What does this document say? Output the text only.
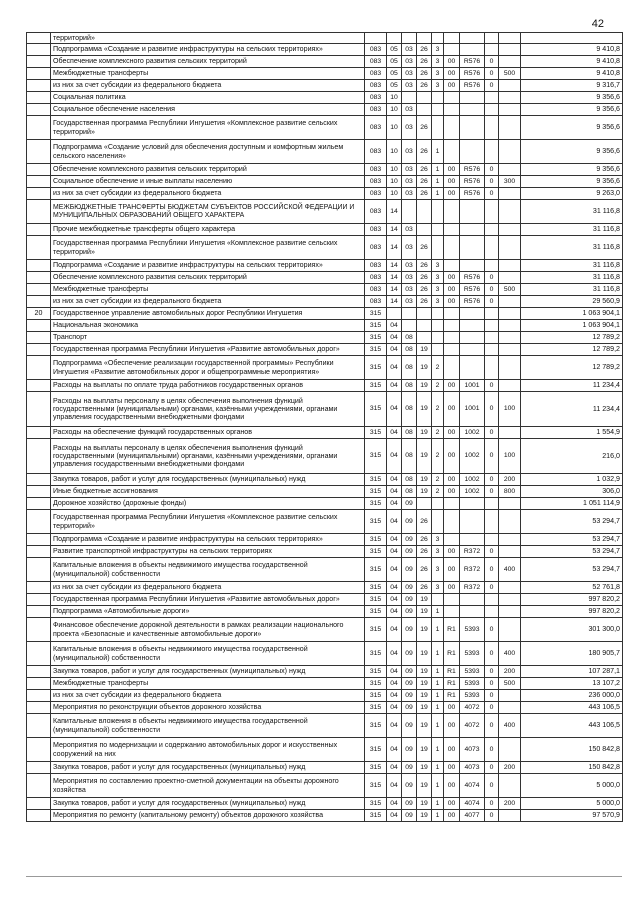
42
	территорий»										
	Подпрограмма «Создание и развитие инфраструктуры на сельских территориях»	083	05	03	26	3					9 410,8
	Обеспечение комплексного развития сельских территорий	083	05	03	26	3	00	R576	0		9 410,8
	Межбюджетные трансферты	083	05	03	26	3	00	R576	0	500	9 410,8
	из них за счет субсидии из федерального бюджета	083	05	03	26	3	00	R576	0		9 316,7
	Социальная политика	083	10								9 356,6
	Социальное обеспечение населения	083	10	03							9 356,6
	Государственная программа Республики Ингушетия «Комплексное развитие сельских территорий»	083	10	03	26						9 356,6
	Подпрограмма «Создание условий для обеспечения доступным и комфортным жильем сельского населения»	083	10	03	26	1					9 356,6
	Обеспечение комплексного развития сельских территорий	083	10	03	26	1	00	R576	0		9 356,6
	Социальное обеспечение и иные выплаты населению	083	10	03	26	1	00	R576	0	300	9 356,6
	из них за счет субсидии из федерального бюджета	083	10	03	26	1	00	R576	0		9 263,0
	МЕЖБЮДЖЕТНЫЕ ТРАНСФЕРТЫ БЮДЖЕТАМ СУБЪЕКТОВ РОССИЙСКОЙ ФЕДЕРАЦИИ И МУНИЦИПАЛЬНЫХ ОБРАЗОВАНИЙ ОБЩЕГО ХАРАКТЕРА	083	14								31 116,8
	Прочие межбюджетные трансферты общего характера	083	14	03							31 116,8
	Государственная программа Республики Ингушетия «Комплексное развитие сельских территорий»	083	14	03	26						31 116,8
	Подпрограмма «Создание и развитие инфраструктуры на сельских территориях»	083	14	03	26	3					31 116,8
	Обеспечение комплексного развития сельских территорий	083	14	03	26	3	00	R576	0		31 116,8
	Межбюджетные трансферты	083	14	03	26	3	00	R576	0	500	31 116,8
	из них за счет субсидии из федерального бюджета	083	14	03	26	3	00	R576	0		29 560,9
20	Государственное управление автомобильных дорог Республики Ингушетия	315									1 063 904,1
	Национальная экономика	315	04								1 063 904,1
	Транспорт	315	04	08							12 789,2
	Государственная программа Республики Ингушетия «Развитие автомобильных дорог»	315	04	08	19						12 789,2
	Подпрограмма «Обеспечение реализации государственной программы» Республики Ингушетия «Развитие автомобильных дорог и общепрограммные мероприятия»	315	04	08	19	2					12 789,2
	Расходы на выплаты по оплате труда работников государственных органов	315	04	08	19	2	00	1001	0		11 234,4
	Расходы на выплаты персоналу в целях обеспечения выполнения функций государственными (муниципальными) органами, казёнными учреждениями, органами управления государственными внебюджетными фондами	315	04	08	19	2	00	1001	0	100	11 234,4
	Расходы на обеспечение функций государственных органов	315	04	08	19	2	00	1002	0		1 554,9
	Расходы на выплаты персоналу в целях обеспечения выполнения функций государственными (муниципальными) органами, казёнными учреждениями, органами управления государственными внебюджетными фондами	315	04	08	19	2	00	1002	0	100	216,0
	Закупка товаров, работ и услуг для государственных (муниципальных) нужд	315	04	08	19	2	00	1002	0	200	1 032,9
	Иные бюджетные ассигнования	315	04	08	19	2	00	1002	0	800	306,0
	Дорожное хозяйство (дорожные фонды)	315	04	09							1 051 114,9
	Государственная программа Республики Ингушетия «Комплексное развитие сельских территорий»	315	04	09	26						53 294,7
	Подпрограмма «Создание и развитие инфраструктуры на сельских территориях»	315	04	09	26	3					53 294,7
	Развитие транспортной инфраструктуры на сельских территориях	315	04	09	26	3	00	R372	0		53 294,7
	Капитальные вложения в объекты недвижимого имущества государственной (муниципальной) собственности	315	04	09	26	3	00	R372	0	400	53 294,7
	из них за счет субсидии из федерального бюджета	315	04	09	26	3	00	R372	0		52 761,8
	Государственная программа Республики Ингушетия «Развитие автомобильных дорог»	315	04	09	19						997 820,2
	Подпрограмма «Автомобильные дороги»	315	04	09	19	1					997 820,2
	Финансовое обеспечение дорожной деятельности в рамках реализации национального проекта «Безопасные и качественные автомобильные дороги»	315	04	09	19	1	R1	5393	0		301 300,0
	Капитальные вложения в объекты недвижимого имущества государственной (муниципальной) собственности	315	04	09	19	1	R1	5393	0	400	180 905,7
	Закупка товаров, работ и услуг для государственных (муниципальных) нужд	315	04	09	19	1	R1	5393	0	200	107 287,1
	Межбюджетные трансферты	315	04	09	19	1	R1	5393	0	500	13 107,2
	из них за счет субсидии из федерального бюджета	315	04	09	19	1	R1	5393	0		236 000,0
	Мероприятия по реконструкции объектов дорожного хозяйства	315	04	09	19	1	00	4072	0		443 106,5
	Капитальные вложения в объекты недвижимого имущества государственной (муниципальной) собственности	315	04	09	19	1	00	4072	0	400	443 106,5
	Мероприятия по модернизации и содержанию автомобильных дорог и искусственных сооружений на них	315	04	09	19	1	00	4073	0		150 842,8
	Закупка товаров, работ и услуг для государственных (муниципальных) нужд	315	04	09	19	1	00	4073	0	200	150 842,8
	Мероприятия по составлению проектно-сметной документации на объекты дорожного хозяйства	315	04	09	19	1	00	4074	0		5 000,0
	Закупка товаров, работ и услуг для государственных (муниципальных) нужд	315	04	09	19	1	00	4074	0	200	5 000,0
	Мероприятия по ремонту (капитальному ремонту) объектов дорожного хозяйства	315	04	09	19	1	00	4077	0		97 570,9
